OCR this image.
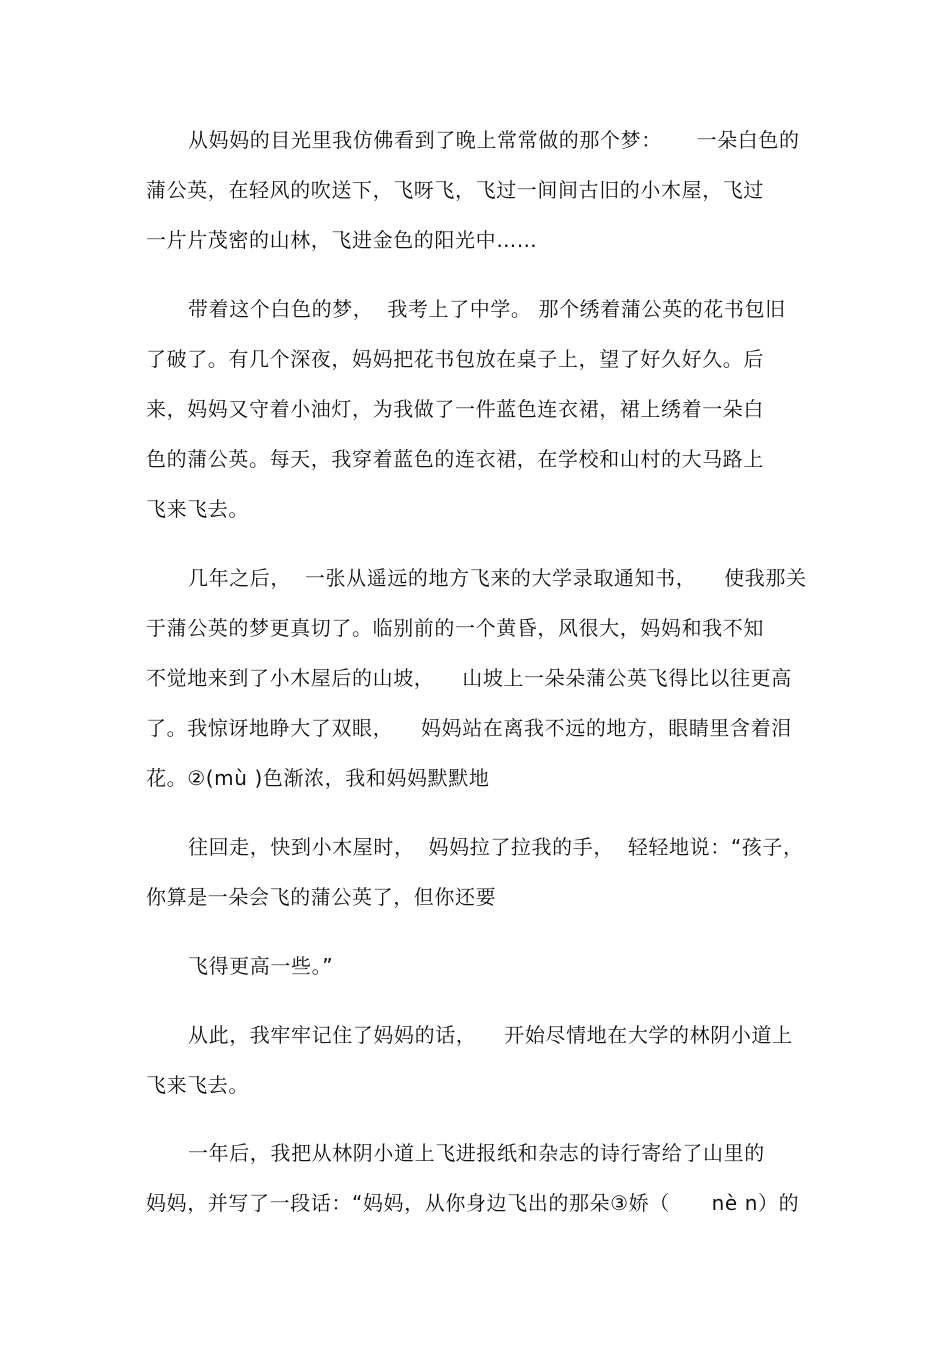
从妈妈的目光里我仿佛看到了晚上常常做的那个梦：     一朵白色的
蒲公英，在轻风的吹送下，飞呀飞，飞过一间间古旧的小木屋，飞过
一片片茂密的山林，飞进金色的阳光中……
带着这个白色的梦，  我考上了中学。 那个绣着蒲公英的花书包旧
了破了。有几个深夜，妈妈把花书包放在桌子上，望了好久好久。后
来，妈妈又守着小油灯，为我做了一件蓝色连衣裙，裙上绣着一朵白
色的蒲公英。每天，我穿着蓝色的连衣裙，在学校和山村的大马路上
飞来飞去。
几年之后，  一张从遥远的地方飞来的大学录取通知书，    使我那关
于蒲公英的梦更真切了。临别前的一个黄昏，风很大，妈妈和我不知
不觉地来到了小木屋后的山坡，    山坡上一朵朵蒲公英飞得比以往更高
了。我惊讶地睁大了双眼，    妈妈站在离我不远的地方，眼睛里含着泪
花。②(mù )色渐浓，我和妈妈默默地
往回走，快到小木屋时，  妈妈拉了拉我的手，  轻轻地说：“孩子，
你算是一朵会飞的蒲公英了，但你还要
飞得更高一些。”
从此，我牢牢记住了妈妈的话，    开始尽情地在大学的林阴小道上
飞来飞去。
一年后，我把从林阴小道上飞进报纸和杂志的诗行寄给了山里的
妈妈，并写了一段话：“妈妈，从你身边飞出的那朵③娇（      nè n）的
